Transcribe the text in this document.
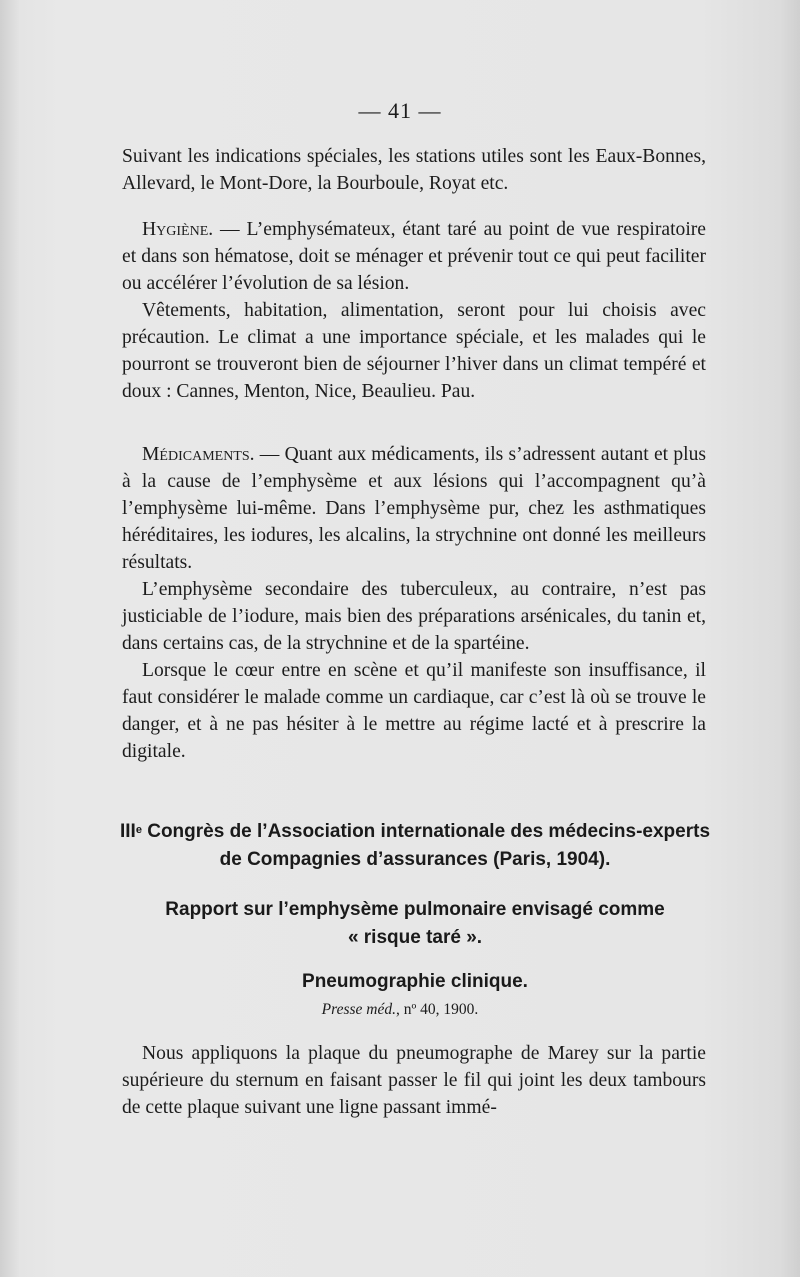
— 41 —

Suivant les indications spéciales, les stations utiles sont les Eaux-Bonnes, Allevard, le Mont-Dore, la Bourboule, Royat etc.

Hygiène. — L’emphysémateux, étant taré au point de vue respiratoire et dans son hématose, doit se ménager et prévenir tout ce qui peut faciliter ou accélérer l’évolution de sa lésion.

Vêtements, habitation, alimentation, seront pour lui choisis avec précaution. Le climat a une importance spéciale, et les malades qui le pourront se trouveront bien de séjourner l’hiver dans un climat tempéré et doux : Cannes, Menton, Nice, Beaulieu. Pau.

Médicaments. — Quant aux médicaments, ils s’adressent autant et plus à la cause de l’emphysème et aux lésions qui l’accompagnent qu’à l’emphysème lui-même. Dans l’emphysème pur, chez les asthmatiques héréditaires, les iodures, les alcalins, la strychnine ont donné les meilleurs résultats.

L’emphysème secondaire des tuberculeux, au contraire, n’est pas justiciable de l’iodure, mais bien des préparations arsénicales, du tanin et, dans certains cas, de la strychnine et de la spartéine.

Lorsque le cœur entre en scène et qu’il manifeste son insuffisance, il faut considérer le malade comme un cardiaque, car c’est là où se trouve le danger, et à ne pas hésiter à le mettre au régime lacté et à prescrire la digitale.

IIIe Congrès de l’Association internationale des médecins-experts
de Compagnies d’assurances (Paris, 1904).
Rapport sur l’emphysème pulmonaire envisagé comme
« risque taré ».
Pneumographie clinique.
Presse méd., nº 40, 1900.

Nous appliquons la plaque du pneumographe de Marey sur la partie supérieure du sternum en faisant passer le fil qui joint les deux tambours de cette plaque suivant une ligne passant immé-
